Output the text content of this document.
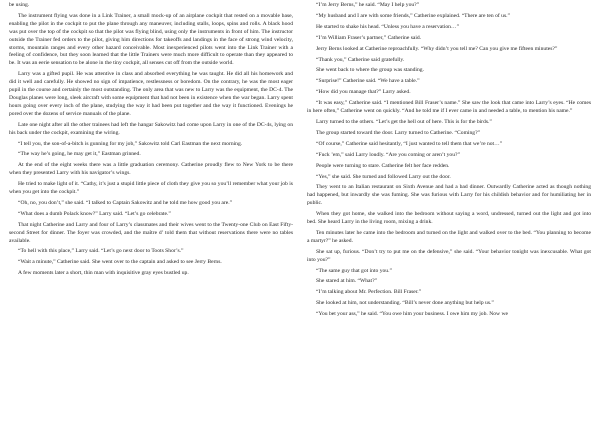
be using.

The instrument flying was done in a Link Trainer, a small mock-up of an airplane cockpit that rested on a movable base, enabling the pilot in the cockpit to put the plane through any maneuver, including stalls, loops, spins and rolls. A black hood was put over the top of the cockpit so that the pilot was flying blind, using only the instruments in front of him. The instructor outside the Trainer fed orders to the pilot, giving him directions for takeoffs and landings in the face of strong wind velocity, storms, mountain ranges and every other hazard conceivable. Most inexperienced pilots went into the Link Trainer with a feeling of confidence, but they soon learned that the little Trainers were much more difficult to operate than they appeared to be. It was an eerie sensation to be alone in the tiny cockpit, all senses cut off from the outside world.

Larry was a gifted pupil. He was attentive in class and absorbed everything he was taught. He did all his homework and did it well and carefully. He showed no sign of impatience, restlessness or boredom. On the contrary, he was the most eager pupil in the course and certainly the most outstanding. The only area that was new to Larry was the equipment, the DC-4. The Douglas planes were long, sleek aircraft with some equipment that had not been in existence when the war began. Larry spent hours going over every inch of the plane, studying the way it had been put together and the way it functioned. Evenings he pored over the dozens of service manuals of the plane.

Late one night after all the other trainees had left the hangar Sakowitz had come upon Larry in one of the DC-4s, lying on his back under the cockpit, examining the wiring.

“I tell you, the son-of-a-bitch is gunning for my job,” Sakowitz told Carl Eastman the next morning.

“The way he’s going, he may get it,” Eastman grinned.

At the end of the eight weeks there was a little graduation ceremony. Catherine proudly flew to New York to be there when they presented Larry with his navigator’s wings.

He tried to make light of it. “Cathy, it’s just a stupid little piece of cloth they give you so you’ll remember what your job is when you get into the cockpit.”

“Oh, no, you don’t,” she said. “I talked to Captain Sakowitz and he told me how good you are.”

“What does a dumb Polack know?” Larry said. “Let’s go celebrate.”

That night Catherine and Larry and four of Larry’s classmates and their wives went to the Twenty-one Club on East Fifty-second Street for dinner. The foyer was crowded, and the maître d’ told them that without reservations there were no tables available.

“To hell with this place,” Larry said. “Let’s go next door to Toots Shor’s.”

“Wait a minute,” Catherine said. She went over to the captain and asked to see Jerry Berns.

A few moments later a short, thin man with inquisitive gray eyes bustled up.

“I’m Jerry Berns,” he said. “May I help you?”

“My husband and I are with some friends,” Catherine explained. “There are ten of us.”

He started to shake his head. “Unless you have a reservation…”

“I’m William Fraser’s partner,” Catherine said.

Jerry Berns looked at Catherine reproachfully. “Why didn’t you tell me? Can you give me fifteen minutes?”

“Thank you,” Catherine said gratefully.

She went back to where the group was standing.

“Surprise!” Catherine said. “We have a table.”

“How did you manage that?” Larry asked.

“It was easy,” Catherine said. “I mentioned Bill Fraser’s name.” She saw the look that came into Larry’s eyes. “He comes in here often,” Catherine went on quickly. “And he told me if I ever came in and needed a table, to mention his name.”

Larry turned to the others. “Let’s get the hell out of here. This is for the birds.”

The group started toward the door. Larry turned to Catherine. “Coming?”

“Of course,” Catherine said hesitantly, “I just wanted to tell them that we’re not…”

“Fuck ’em,” said Larry loudly. “Are you coming or aren’t you?”

People were turning to stare. Catherine felt her face redden.

“Yes,” she said. She turned and followed Larry out the door.

They went to an Italian restaurant on Sixth Avenue and had a bad dinner. Outwardly Catherine acted as though nothing had happened, but inwardly she was fuming. She was furious with Larry for his childish behavior and for humiliating her in public.

When they got home, she walked into the bedroom without saying a word, undressed, turned out the light and got into bed. She heard Larry in the living room, mixing a drink.

Ten minutes later he came into the bedroom and turned on the light and walked over to the bed. “You planning to become a martyr?” he asked.

She sat up, furious. “Don’t try to put me on the defensive,” she said. “Your behavior tonight was inexcusable. What got into you?”

“The same guy that got into you.”

She stared at him. “What?”

“I’m talking about Mr. Perfection. Bill Fraser.”

She looked at him, not understanding. “Bill’s never done anything but help us.”

“You bet your ass,” he said. “You owe him your business. I owe him my job. Now we
